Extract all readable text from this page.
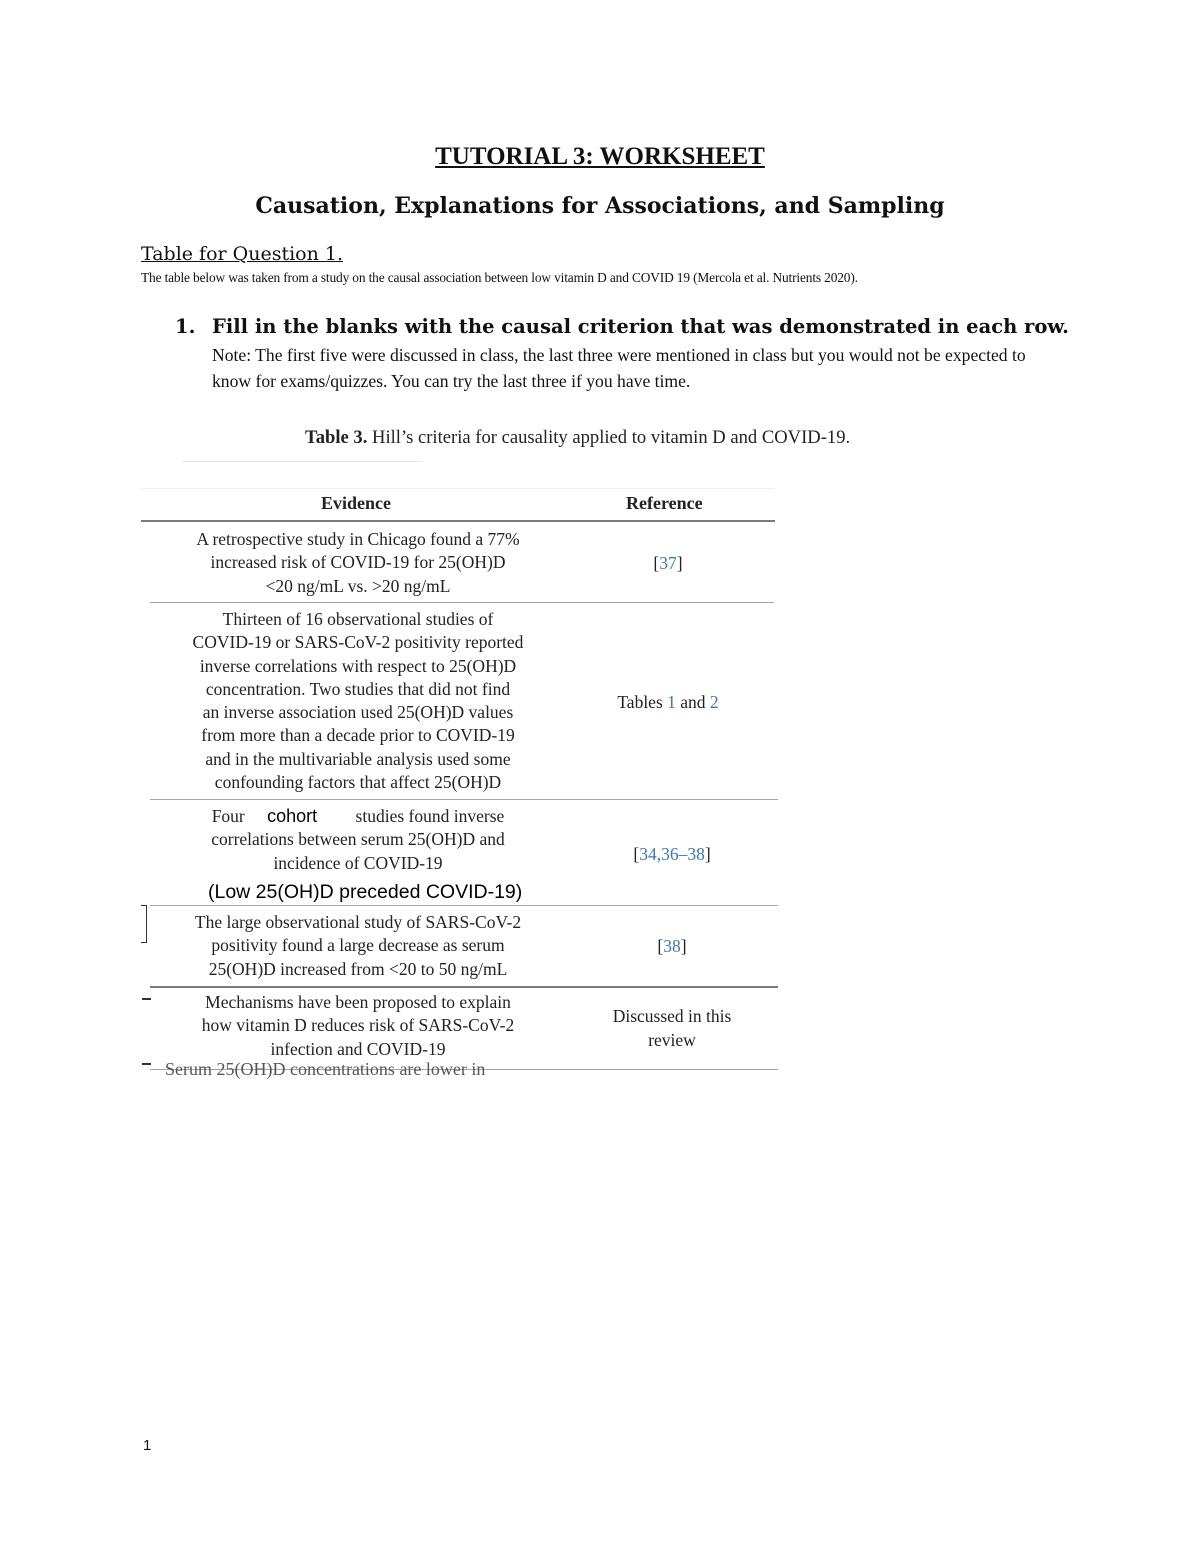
TUTORIAL 3: WORKSHEET
Causation, Explanations for Associations, and Sampling
Table for Question 1.
The table below was taken from a study on the causal association between low vitamin D and COVID 19 (Mercola et al. Nutrients 2020).
1. Fill in the blanks with the causal criterion that was demonstrated in each row.
Note: The first five were discussed in class, the last three were mentioned in class but you would not be expected to know for exams/quizzes. You can try the last three if you have time.
Table 3. Hill’s criteria for causality applied to vitamin D and COVID-19.
Evidence	Reference
A retrospective study in Chicago found a 77%
increased risk of COVID-19 for 25(OH)D
<20 ng/mL vs. >20 ng/mL
[37]
Thirteen of 16 observational studies of
COVID-19 or SARS-CoV-2 positivity reported
inverse correlations with respect to 25(OH)D
concentration. Two studies that did not find
an inverse association used 25(OH)D values
from more than a decade prior to COVID-19
and in the multivariable analysis used some
confounding factors that affect 25(OH)D
Tables 1 and 2
Four cohort studies found inverse
correlations between serum 25(OH)D and
incidence of COVID-19
(Low 25(OH)D preceded COVID-19)
[34,36–38]
The large observational study of SARS-CoV-2
positivity found a large decrease as serum
25(OH)D increased from <20 to 50 ng/mL
[38]
Mechanisms have been proposed to explain
how vitamin D reduces risk of SARS-CoV-2
infection and COVID-19
Discussed in this
review
Serum 25(OH)D concentrations are lower in
1
